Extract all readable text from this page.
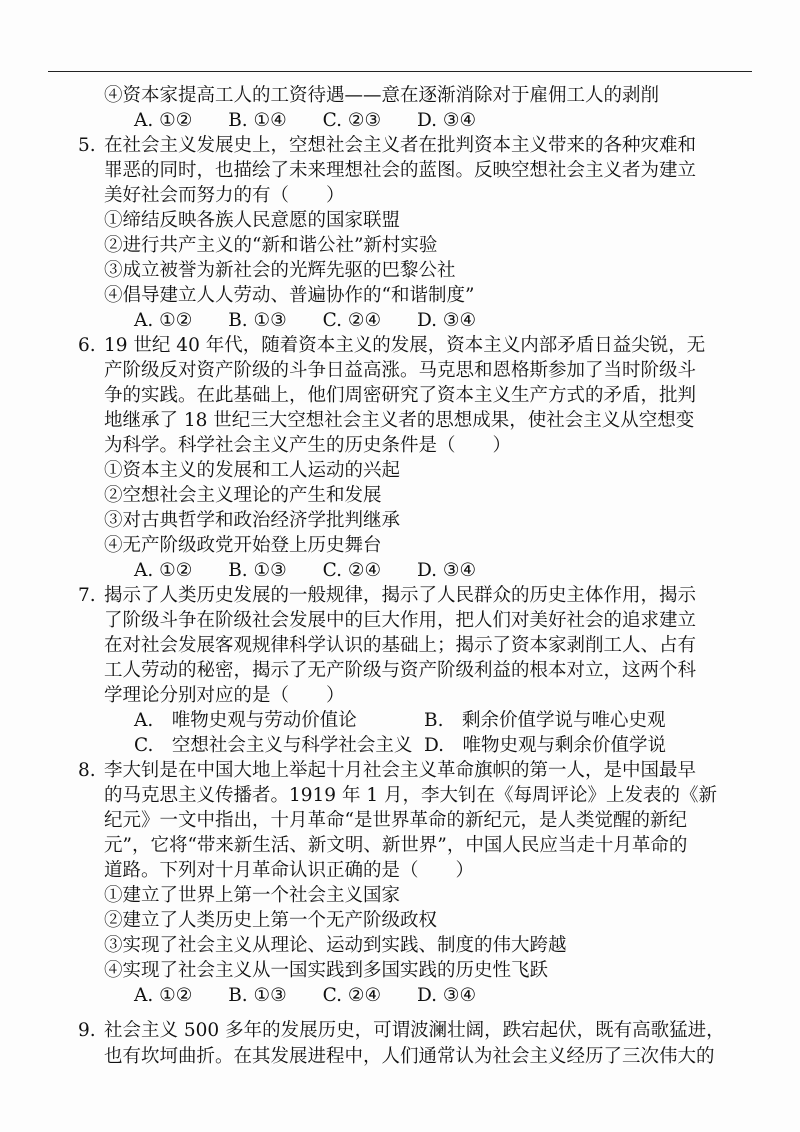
④资本家提高工人的工资待遇——意在逐渐消除对于雇佣工人的剥削
A. ①② B. ①④ C. ②③ D. ③④
5. 在社会主义发展史上，空想社会主义者在批判资本主义带来的各种灾难和
罪恶的同时，也描绘了未来理想社会的蓝图。反映空想社会主义者为建立
美好社会而努力的有（　　）
①缔结反映各族人民意愿的国家联盟
②进行共产主义的“新和谐公社”新村实验
③成立被誉为新社会的光辉先驱的巴黎公社
④倡导建立人人劳动、普遍协作的“和谐制度”
A. ①② B. ①③ C. ②④ D. ③④
6. 19 世纪 40 年代，随着资本主义的发展，资本主义内部矛盾日益尖锐，无
产阶级反对资产阶级的斗争日益高涨。马克思和恩格斯参加了当时阶级斗
争的实践。在此基础上，他们周密研究了资本主义生产方式的矛盾，批判
地继承了 18 世纪三大空想社会主义者的思想成果，使社会主义从空想变
为科学。科学社会主义产生的历史条件是（　　）
①资本主义的发展和工人运动的兴起
②空想社会主义理论的产生和发展
③对古典哲学和政治经济学批判继承
④无产阶级政党开始登上历史舞台
A. ①② B. ①③ C. ②④ D. ③④
7. 揭示了人类历史发展的一般规律，揭示了人民群众的历史主体作用，揭示
了阶级斗争在阶级社会发展中的巨大作用，把人们对美好社会的追求建立
在对社会发展客观规律科学认识的基础上；揭示了资本家剥削工人、占有
工人劳动的秘密，揭示了无产阶级与资产阶级利益的根本对立，这两个科
学理论分别对应的是（　　）
A.　唯物史观与劳动价值论	B.　剩余价值学说与唯心史观
C.　空想社会主义与科学社会主义 D.　唯物史观与剩余价值学说
8. 李大钊是在中国大地上举起十月社会主义革命旗帜的第一人，是中国最早
的马克思主义传播者。1919 年 1 月，李大钊在《每周评论》上发表的《新
纪元》一文中指出，十月革命“是世界革命的新纪元，是人类觉醒的新纪
元”，它将“带来新生活、新文明、新世界”，中国人民应当走十月革命的
道路。下列对十月革命认识正确的是（　　）
①建立了世界上第一个社会主义国家
②建立了人类历史上第一个无产阶级政权
③实现了社会主义从理论、运动到实践、制度的伟大跨越
④实现了社会主义从一国实践到多国实践的历史性飞跃
A. ①② B. ①③ C. ②④ D. ③④
9. 社会主义 500 多年的发展历史，可谓波澜壮阔，跌宕起伏，既有高歌猛进，
也有坎坷曲折。在其发展进程中，人们通常认为社会主义经历了三次伟大的
